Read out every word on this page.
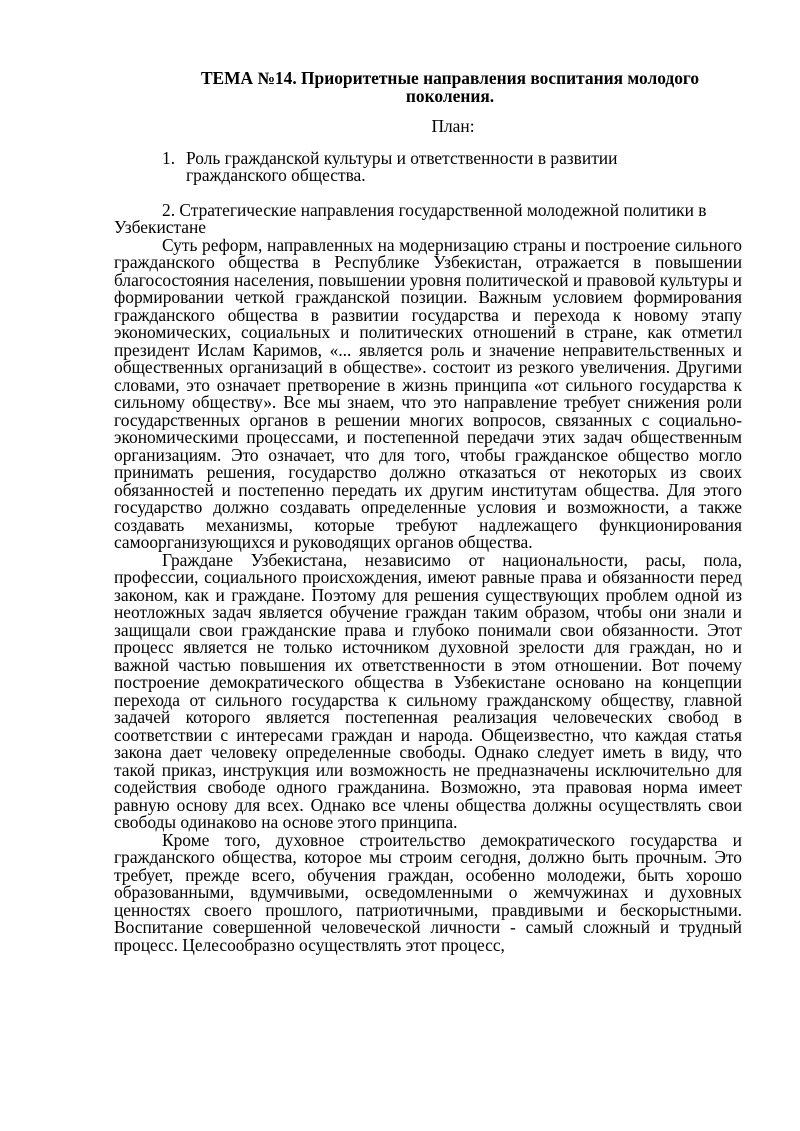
ТЕМА №14. Приоритетные направления воспитания молодого поколения.
План:
1. Роль гражданской культуры и ответственности в развитии гражданского общества.
2. Стратегические направления государственной молодежной политики в Узбекистане

Суть реформ, направленных на модернизацию страны и построение сильного гражданского общества в Республике Узбекистан, отражается в повышении благосостояния населения, повышении уровня политической и правовой культуры и формировании четкой гражданской позиции. Важным условием формирования гражданского общества в развитии государства и перехода к новому этапу экономических, социальных и политических отношений в стране, как отметил президент Ислам Каримов, «... является роль и значение неправительственных и общественных организаций в обществе». состоит из резкого увеличения. Другими словами, это означает претворение в жизнь принципа «от сильного государства к сильному обществу». Все мы знаем, что это направление требует снижения роли государственных органов в решении многих вопросов, связанных с социально-экономическими процессами, и постепенной передачи этих задач общественным организациям. Это означает, что для того, чтобы гражданское общество могло принимать решения, государство должно отказаться от некоторых из своих обязанностей и постепенно передать их другим институтам общества. Для этого государство должно создавать определенные условия и возможности, а также создавать механизмы, которые требуют надлежащего функционирования самоорганизующихся и руководящих органов общества.

Граждане Узбекистана, независимо от национальности, расы, пола, профессии, социального происхождения, имеют равные права и обязанности перед законом, как и граждане. Поэтому для решения существующих проблем одной из неотложных задач является обучение граждан таким образом, чтобы они знали и защищали свои гражданские права и глубоко понимали свои обязанности. Этот процесс является не только источником духовной зрелости для граждан, но и важной частью повышения их ответственности в этом отношении. Вот почему построение демократического общества в Узбекистане основано на концепции перехода от сильного государства к сильному гражданскому обществу, главной задачей которого является постепенная реализация человеческих свобод в соответствии с интересами граждан и народа. Общеизвестно, что каждая статья закона дает человеку определенные свободы. Однако следует иметь в виду, что такой приказ, инструкция или возможность не предназначены исключительно для содействия свободе одного гражданина. Возможно, эта правовая норма имеет равную основу для всех. Однако все члены общества должны осуществлять свои свободы одинаково на основе этого принципа.

Кроме того, духовное строительство демократического государства и гражданского общества, которое мы строим сегодня, должно быть прочным. Это требует, прежде всего, обучения граждан, особенно молодежи, быть хорошо образованными, вдумчивыми, осведомленными о жемчужинах и духовных ценностях своего прошлого, патриотичными, правдивыми и бескорыстными. Воспитание совершенной человеческой личности - самый сложный и трудный процесс. Целесообразно осуществлять этот процесс,
